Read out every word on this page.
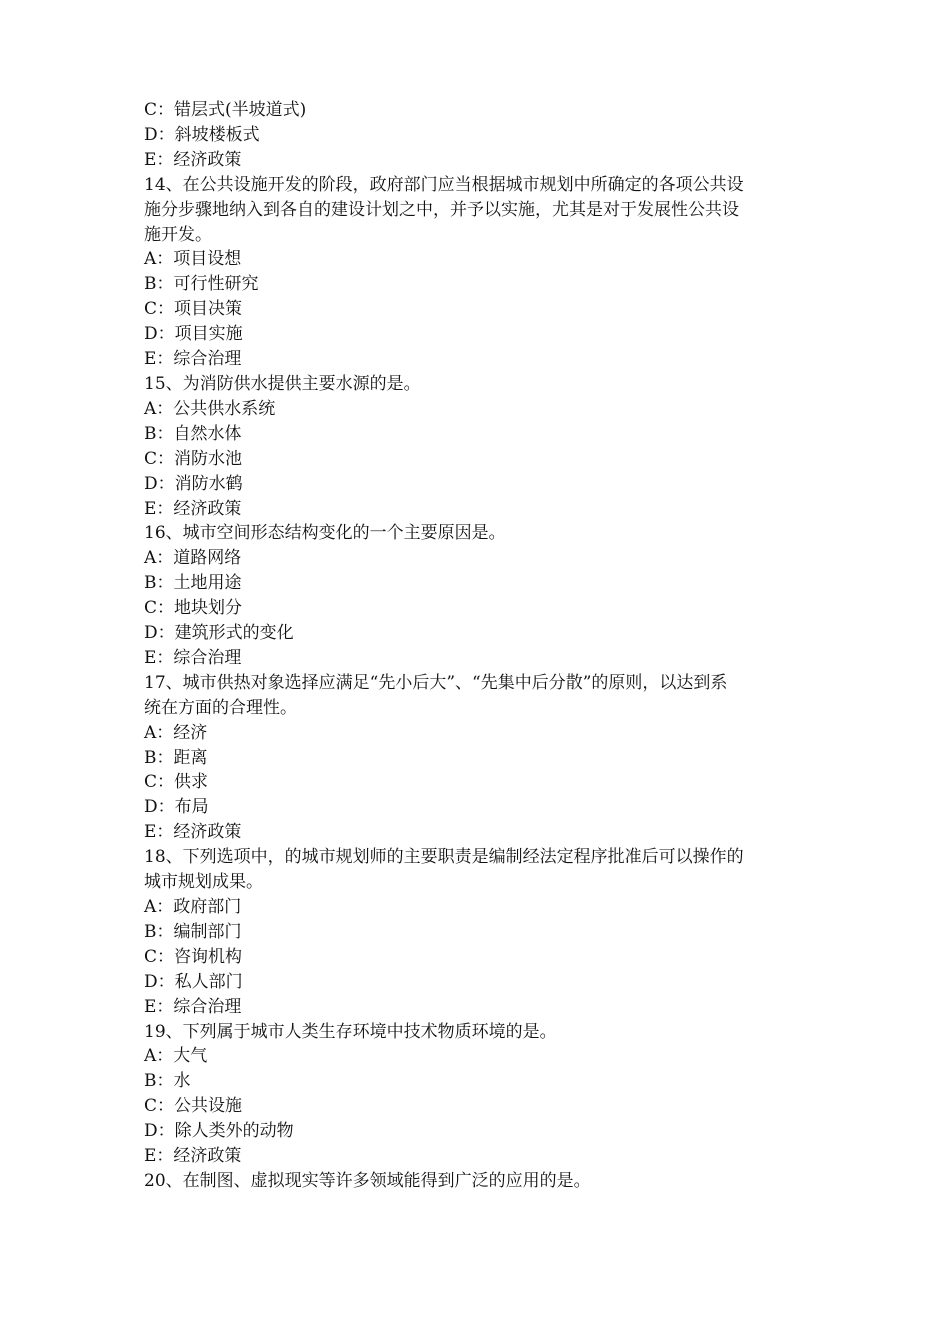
C：错层式(半坡道式)

D：斜坡楼板式

E：经济政策

14、在公共设施开发的阶段，政府部门应当根据城市规划中所确定的各项公共设

施分步骤地纳入到各自的建设计划之中，并予以实施，尤其是对于发展性公共设

施开发。

A：项目设想

B：可行性研究

C：项目决策

D：项目实施

E：综合治理

15、为消防供水提供主要水源的是。

A：公共供水系统

B：自然水体

C：消防水池

D：消防水鹤

E：经济政策

16、城市空间形态结构变化的一个主要原因是。

A：道路网络

B：土地用途

C：地块划分

D：建筑形式的变化

E：综合治理

17、城市供热对象选择应满足“先小后大”、“先集中后分散”的原则，以达到系

统在方面的合理性。

A：经济

B：距离

C：供求

D：布局

E：经济政策

18、下列选项中，的城市规划师的主要职责是编制经法定程序批准后可以操作的

城市规划成果。

A：政府部门

B：编制部门

C：咨询机构

D：私人部门

E：综合治理

19、下列属于城市人类生存环境中技术物质环境的是。

A：大气

B：水

C：公共设施

D：除人类外的动物

E：经济政策

20、在制图、虚拟现实等许多领域能得到广泛的应用的是。
